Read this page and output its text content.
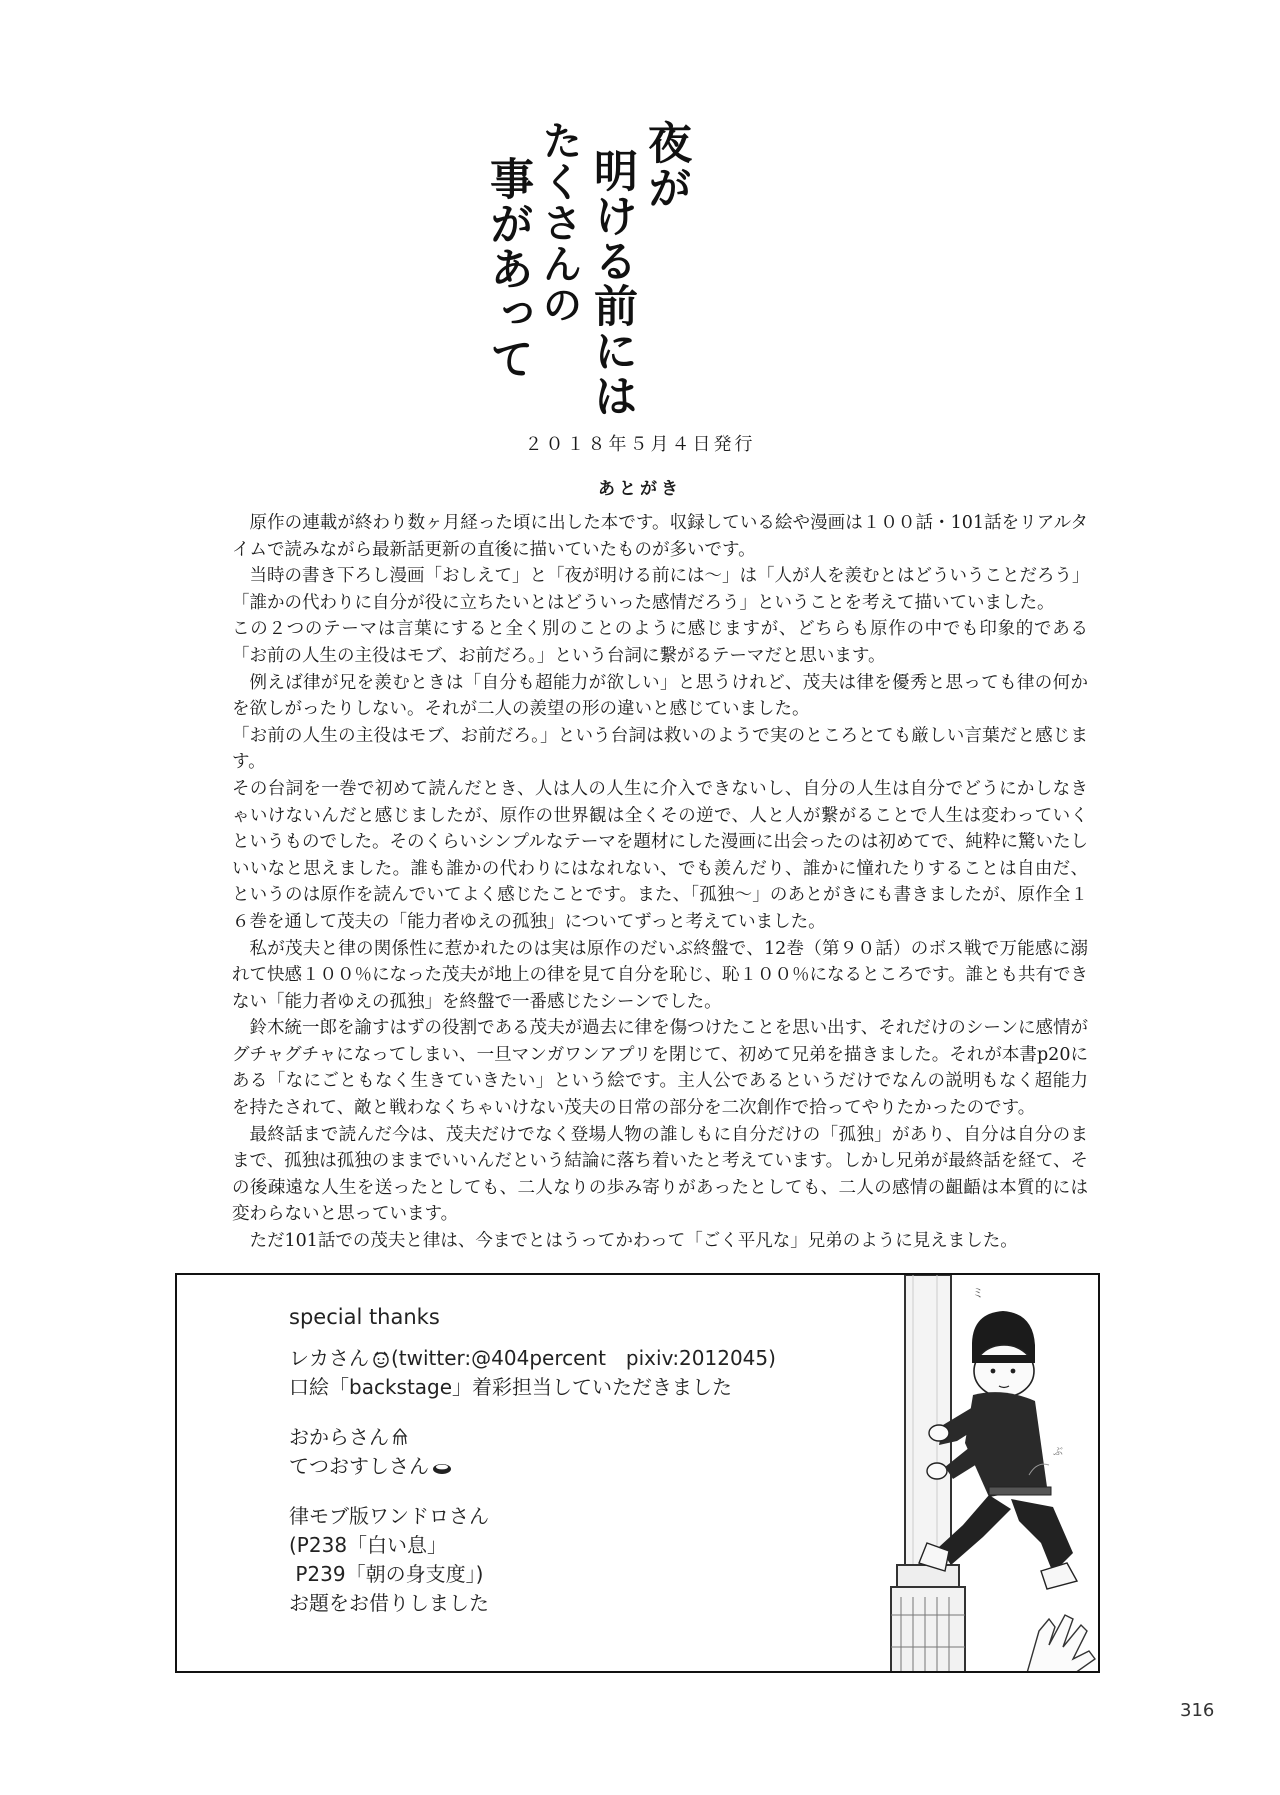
夜が
明ける前には
たくさんの
事があって
２０１８年５月４日発行
あとがき

原作の連載が終わり数ヶ月経った頃に出した本です。収録している絵や漫画は１００話・101話をリアルタイムで読みながら最新話更新の直後に描いていたものが多いです。

当時の書き下ろし漫画「おしえて」と「夜が明ける前には〜」は「人が人を羨むとはどういうことだろう」

「誰かの代わりに自分が役に立ちたいとはどういった感情だろう」ということを考えて描いていました。

この２つのテーマは言葉にすると全く別のことのように感じますが、どちらも原作の中でも印象的である「お前の人生の主役はモブ、お前だろ。」という台詞に繋がるテーマだと思います。

例えば律が兄を羨むときは「自分も超能力が欲しい」と思うけれど、茂夫は律を優秀と思っても律の何かを欲しがったりしない。それが二人の羨望の形の違いと感じていました。

「お前の人生の主役はモブ、お前だろ。」という台詞は救いのようで実のところとても厳しい言葉だと感じます。

その台詞を一巻で初めて読んだとき、人は人の人生に介入できないし、自分の人生は自分でどうにかしなきゃいけないんだと感じましたが、原作の世界観は全くその逆で、人と人が繋がることで人生は変わっていくというものでした。そのくらいシンプルなテーマを題材にした漫画に出会ったのは初めてで、純粋に驚いたしいいなと思えました。誰も誰かの代わりにはなれない、でも羨んだり、誰かに憧れたりすることは自由だ、というのは原作を読んでいてよく感じたことです。また、「孤独〜」のあとがきにも書きましたが、原作全１６巻を通して茂夫の「能力者ゆえの孤独」についてずっと考えていました。

私が茂夫と律の関係性に惹かれたのは実は原作のだいぶ終盤で、12巻（第９０話）のボス戦で万能感に溺れて快感１００％になった茂夫が地上の律を見て自分を恥じ、恥１００％になるところです。誰とも共有できない「能力者ゆえの孤独」を終盤で一番感じたシーンでした。

鈴木統一郎を諭すはずの役割である茂夫が過去に律を傷つけたことを思い出す、それだけのシーンに感情がグチャグチャになってしまい、一旦マンガワンアプリを閉じて、初めて兄弟を描きました。それが本書p20にある「なにごともなく生きていきたい」という絵です。主人公であるというだけでなんの説明もなく超能力を持たされて、敵と戦わなくちゃいけない茂夫の日常の部分を二次創作で拾ってやりたかったのです。

最終話まで読んだ今は、茂夫だけでなく登場人物の誰しもに自分だけの「孤独」があり、自分は自分のままで、孤独は孤独のままでいいんだという結論に落ち着いたと考えています。しかし兄弟が最終話を経て、その後疎遠な人生を送ったとしても、二人なりの歩み寄りがあったとしても、二人の感情の齟齬は本質的には変わらないと思っています。

ただ101話での茂夫と律は、今までとはうってかわって「ごく平凡な」兄弟のように見えました。

special thanks
レカさん (twitter:@404percent　pixiv:2012045)
口絵「backstage」着彩担当していただきました
おからさん
てつおすしさん
律モブ版ワンドロさん
(P238「白い息」
P239「朝の身支度」)
お題をお借りしました
ミ
ぶ
316
